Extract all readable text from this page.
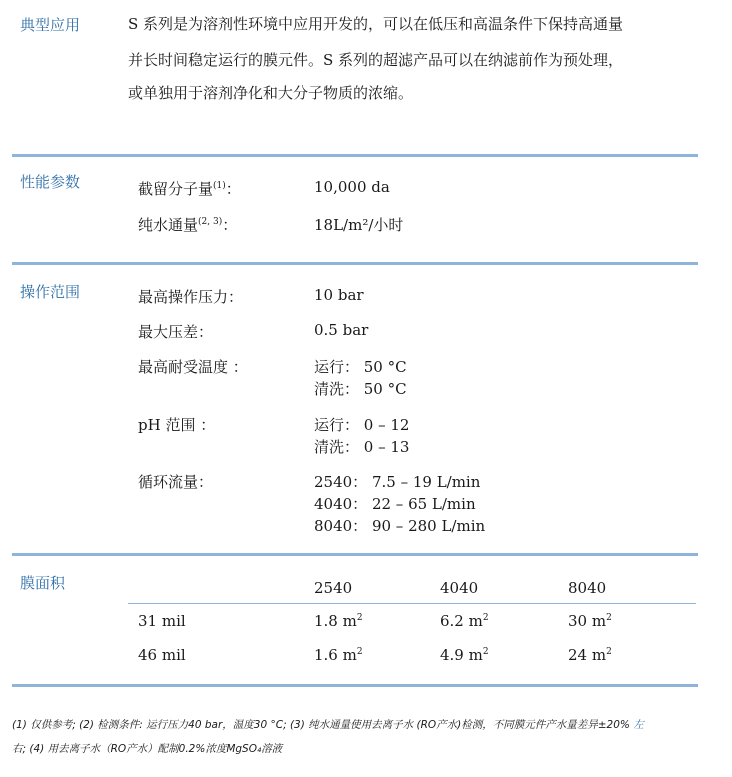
典型应用	S 系列是为溶剂性环境中应用开发的，可以在低压和高温条件下保持高通量
并长时间稳定运行的膜元件。S 系列的超滤产品可以在纳滤前作为预处理，
或单独用于溶剂净化和大分子物质的浓缩。
性能参数	截留分子量$^{(1)}$：	10,000 da
纯水通量$^{(2, 3)}$：	18L/m²/小时
操作范围	最高操作压力：	10 bar
最大压差：	0.5 bar
最高耐受温度 ：	运行： 50 °C
清洗： 50 °C
pH 范围 ：	运行： 0 – 12
清洗： 0 – 13
循环流量：	2540： 7.5 – 19 L/min
4040： 22 – 65 L/min
8040： 90 – 280 L/min
膜面积	2540	4040	8040
31 mil	1.8 $m^2$	6.2 $m^2$	30 $m^2$
46 mil	1.6 $m^2$	4.9 $m^2$	24 $m^2$
(1) 仅供参考; (2) 检测条件: 运行压力40 bar，温度30 °C; (3) 纯水通量使用去离子水 (RO产水)检测，不同膜元件产水量差异±20% 左
右; (4) 用去离子水（RO产水）配制0.2%浓度MgSO₄溶液
